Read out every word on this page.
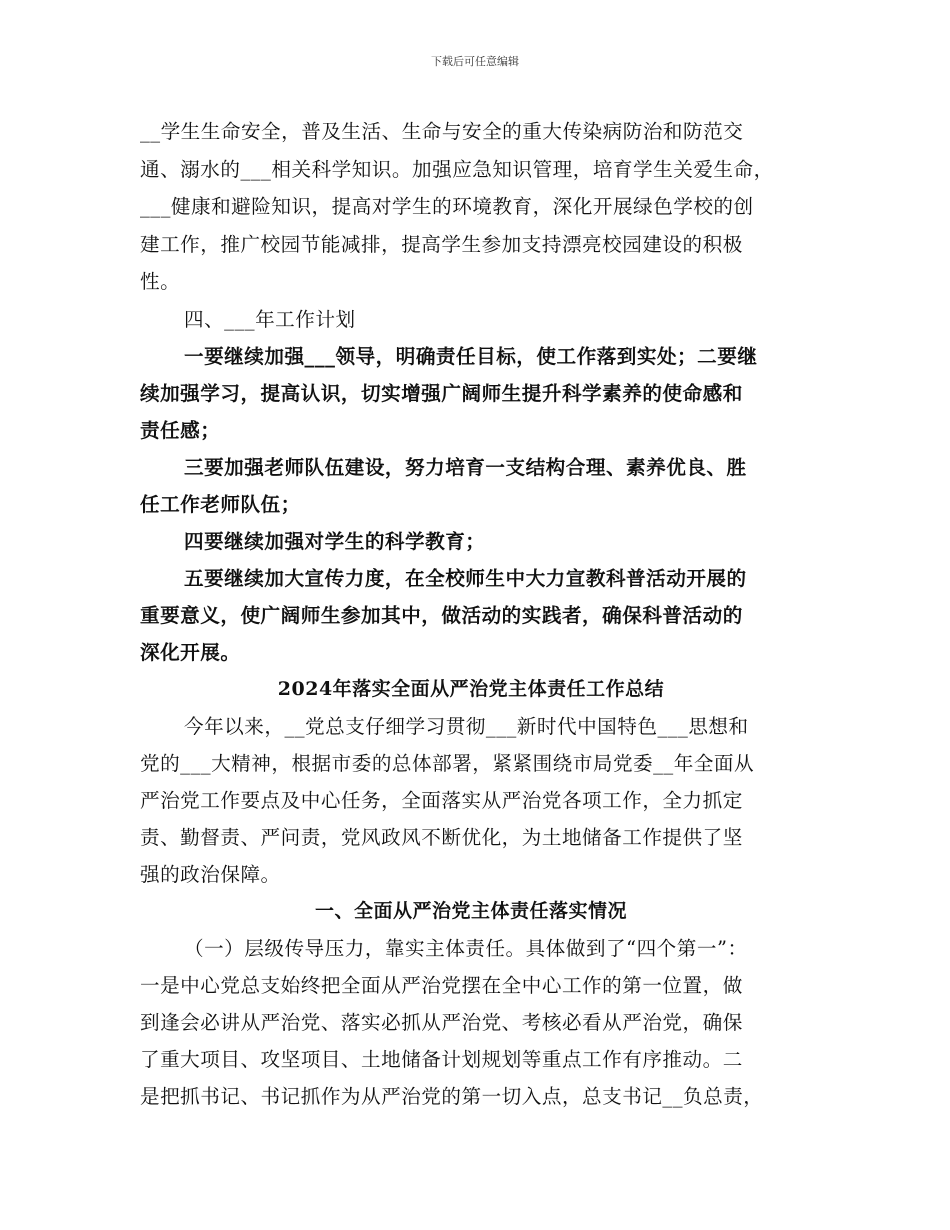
下载后可任意编辑
__学生生命安全，普及生活、生命与安全的重大传染病防治和防范交
通、溺水的___相关科学知识。加强应急知识管理，培育学生关爱生命，
___健康和避险知识，提高对学生的环境教育，深化开展绿色学校的创
建工作，推广校园节能减排，提高学生参加支持漂亮校园建设的积极
性。
四、___年工作计划
一要继续加强___领导，明确责任目标，使工作落到实处；二要继
续加强学习，提高认识，切实增强广阔师生提升科学素养的使命感和
责任感；
三要加强老师队伍建设，努力培育一支结构合理、素养优良、胜
任工作老师队伍；
四要继续加强对学生的科学教育；
五要继续加大宣传力度，在全校师生中大力宣教科普活动开展的
重要意义，使广阔师生参加其中，做活动的实践者，确保科普活动的
深化开展。
2024年落实全面从严治党主体责任工作总结
今年以来，__党总支仔细学习贯彻___新时代中国特色___思想和
党的___大精神，根据市委的总体部署，紧紧围绕市局党委__年全面从
严治党工作要点及中心任务，全面落实从严治党各项工作，全力抓定
责、勤督责、严问责，党风政风不断优化，为土地储备工作提供了坚
强的政治保障。
一、全面从严治党主体责任落实情况
（一）层级传导压力，靠实主体责任。具体做到了“四个第一”：
一是中心党总支始终把全面从严治党摆在全中心工作的第一位置，做
到逢会必讲从严治党、落实必抓从严治党、考核必看从严治党，确保
了重大项目、攻坚项目、土地储备计划规划等重点工作有序推动。二
是把抓书记、书记抓作为从严治党的第一切入点，总支书记__负总责，
